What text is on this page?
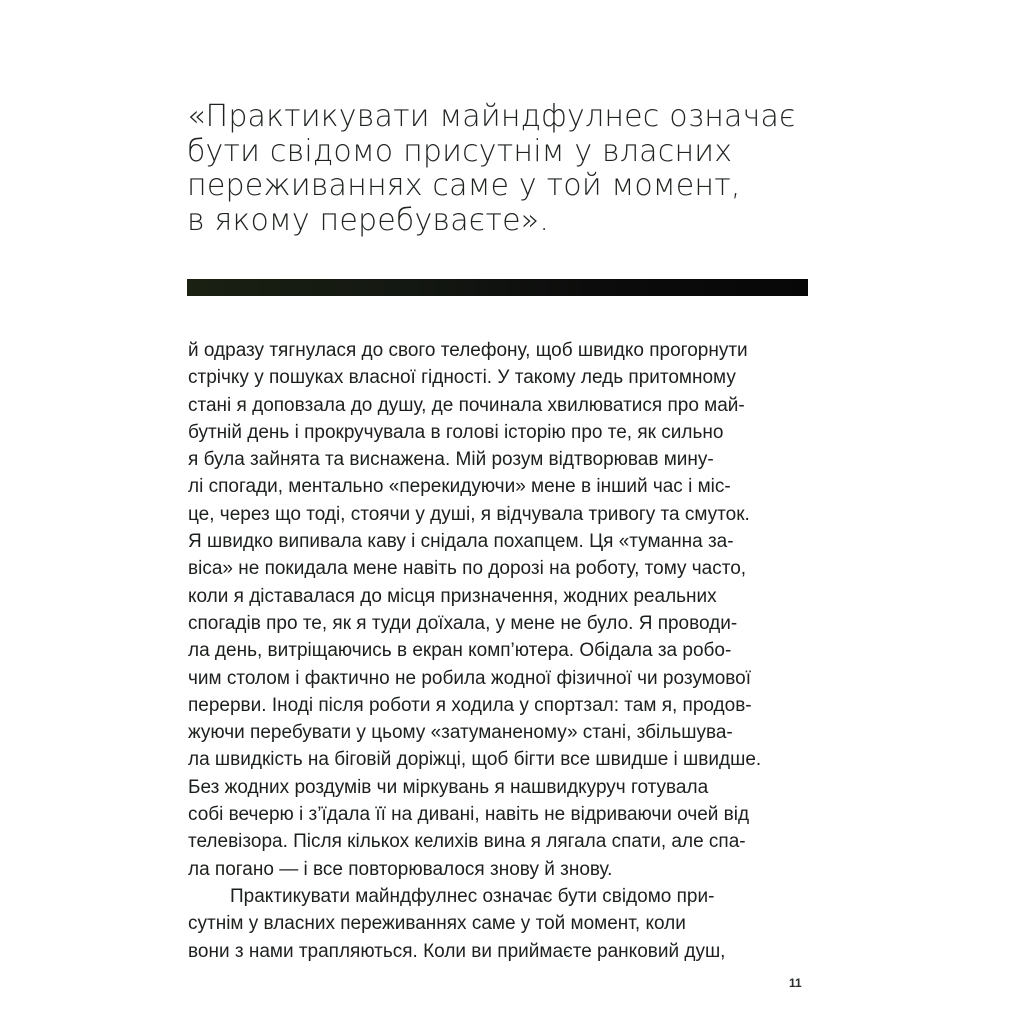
«Практикувати майндфулнес означає
бути свідомо присутнім у власних
переживаннях саме у той момент,
в якому перебуваєте».
й одразу тягнулася до свого телефону, щоб швидко прогорнути
стрічку у пошуках власної гідності. У такому ледь притомному
стані я доповзала до душу, де починала хвилюватися про май-
бутній день і прокручувала в голові історію про те, як сильно
я була зайнята та виснажена. Мій розум відтворював мину-
лі спогади, ментально «перекидуючи» мене в інший час і міс-
це, через що тоді, стоячи у душі, я відчувала тривогу та смуток.
Я швидко випивала каву і снідала похапцем. Ця «туманна за-
віса» не покидала мене навіть по дорозі на роботу, тому часто,
коли я діставалася до місця призначення, жодних реальних
спогадів про те, як я туди доїхала, у мене не було. Я проводи-
ла день, витріщаючись в екран комп’ютера. Обідала за робо-
чим столом і фактично не робила жодної фізичної чи розумової
перерви. Іноді після роботи я ходила у спортзал: там я, продов-
жуючи перебувати у цьому «затуманеному» стані, збільшува-
ла швидкість на біговій доріжці, щоб бігти все швидше і швидше.
Без жодних роздумів чи міркувань я нашвидкуруч готувала
собі вечерю і з’їдала її на дивані, навіть не відриваючи очей від
телевізора. Після кількох келихів вина я лягала спати, але спа-
ла погано — і все повторювалося знову й знову.
Практикувати майндфулнес означає бути свідомо при-
сутнім у власних переживаннях саме у той момент, коли
вони з нами трапляються. Коли ви приймаєте ранковий душ,
11
